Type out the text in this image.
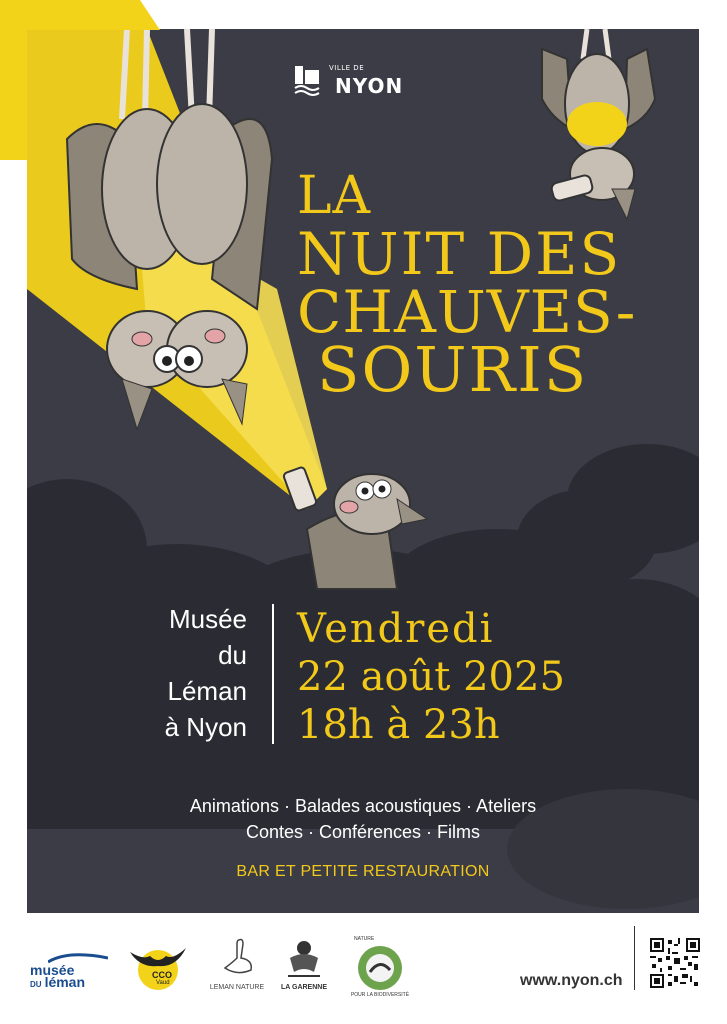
VILLE DE
NYON
LA
NUIT DES
CHAUVES-
SOURIS
Musée
du
Léman
à Nyon
Vendredi
22 août 2025
18h à 23h
Animations · Balades acoustiques · Ateliers
Contes · Conférences · Films
BAR ET PETITE RESTAURATION
musée
DU léman	CCO
Vaud
LEMAN NATURE	LA GARENNE
NATURE
POUR LA BIODIVERSITÉ
www.nyon.ch
